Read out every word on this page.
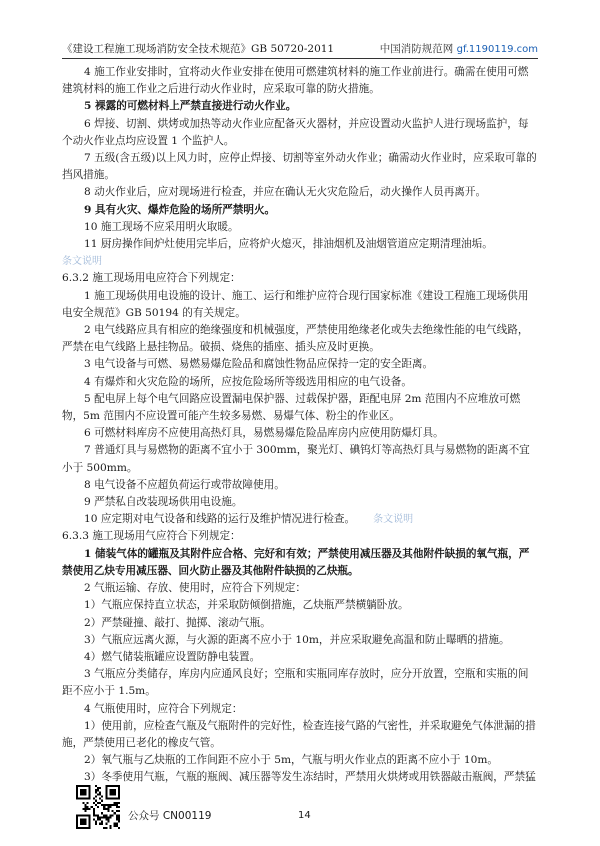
《建设工程施工现场消防安全技术规范》GB 50720-2011	中国消防规范网 gf.1190119.com

4 施工作业安排时，宜将动火作业安排在使用可燃建筑材料的施工作业前进行。确需在使用可燃建筑材料的施工作业之后进行动火作业时，应采取可靠的防火措施。

5 裸露的可燃材料上严禁直接进行动火作业。

6 焊接、切割、烘烤或加热等动火作业应配备灭火器材，并应设置动火监护人进行现场监护，每个动火作业点均应设置 1 个监护人。

7 五级(含五级)以上风力时，应停止焊接、切割等室外动火作业；确需动火作业时，应采取可靠的挡风措施。

8 动火作业后，应对现场进行检查，并应在确认无火灾危险后，动火操作人员再离开。

9 具有火灾、爆炸危险的场所严禁明火。

10 施工现场不应采用明火取暖。

11 厨房操作间炉灶使用完毕后，应将炉火熄灭，排油烟机及油烟管道应定期清理油垢。

条文说明

6.3.2 施工现场用电应符合下列规定：

1 施工现场供用电设施的设计、施工、运行和维护应符合现行国家标准《建设工程施工现场供用电安全规范》GB 50194 的有关规定。

2 电气线路应具有相应的绝缘强度和机械强度，严禁使用绝缘老化或失去绝缘性能的电气线路，严禁在电气线路上悬挂物品。破损、烧焦的插座、插头应及时更换。

3 电气设备与可燃、易燃易爆危险品和腐蚀性物品应保持一定的安全距离。

4 有爆炸和火灾危险的场所，应按危险场所等级选用相应的电气设备。

5 配电屏上每个电气回路应设置漏电保护器、过载保护器，距配电屏 2m 范围内不应堆放可燃物，5m 范围内不应设置可能产生较多易燃、易爆气体、粉尘的作业区。

6 可燃材料库房不应使用高热灯具，易燃易爆危险品库房内应使用防爆灯具。

7 普通灯具与易燃物的距离不宜小于 300mm，聚光灯、碘钨灯等高热灯具与易燃物的距离不宜小于 500mm。

8 电气设备不应超负荷运行或带故障使用。

9 严禁私自改装现场供用电设施。

10 应定期对电气设备和线路的运行及维护情况进行检查。 条文说明

6.3.3 施工现场用气应符合下列规定：

1 储装气体的罐瓶及其附件应合格、完好和有效；严禁使用减压器及其他附件缺损的氧气瓶，严禁使用乙炔专用减压器、回火防止器及其他附件缺损的乙炔瓶。

2 气瓶运输、存放、使用时，应符合下列规定：

1）气瓶应保持直立状态，并采取防倾倒措施，乙炔瓶严禁横躺卧放。

2）严禁碰撞、敲打、抛掷、滚动气瓶。

3）气瓶应远离火源，与火源的距离不应小于 10m，并应采取避免高温和防止曝晒的措施。

4）燃气储装瓶罐应设置防静电装置。

3 气瓶应分类储存，库房内应通风良好；空瓶和实瓶同库存放时，应分开放置，空瓶和实瓶的间距不应小于 1.5m。

4 气瓶使用时，应符合下列规定：

1）使用前，应检查气瓶及气瓶附件的完好性，检查连接气路的气密性，并采取避免气体泄漏的措施，严禁使用已老化的橡皮气管。

2）氧气瓶与乙炔瓶的工作间距不应小于 5m，气瓶与明火作业点的距离不应小于 10m。

3）冬季使用气瓶，气瓶的瓶阀、减压器等发生冻结时，严禁用火烘烤或用铁器敲击瓶阀，严禁猛

公众号 CN00119	14
